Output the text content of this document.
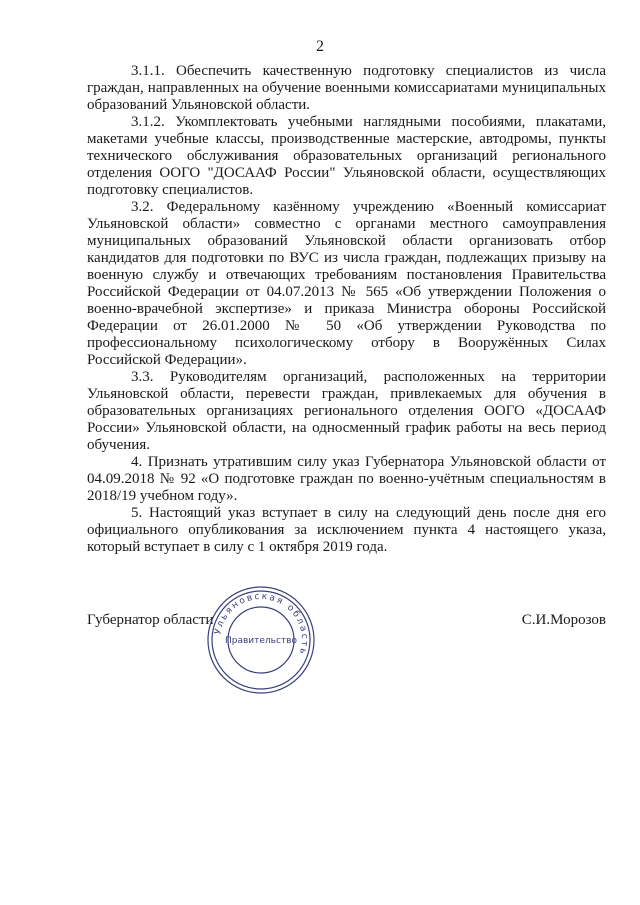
2

3.1.1. Обеспечить качественную подготовку специалистов из числа граждан, направленных на обучение военными комиссариатами муниципальных образований Ульяновской области.

3.1.2. Укомплектовать учебными наглядными пособиями, плакатами, макетами учебные классы, производственные мастерские, автодромы, пункты технического обслуживания образовательных организаций регионального отделения ООГО "ДОСААФ России" Ульяновской области, осуществляющих подготовку специалистов.

3.2. Федеральному казённому учреждению «Военный комиссариат Ульяновской области» совместно с органами местного самоуправления муниципальных образований Ульяновской области организовать отбор кандидатов для подготовки по ВУС из числа граждан, подлежащих призыву на военную службу и отвечающих требованиям постановления Правительства Российской Федерации от 04.07.2013 № 565 «Об утверждении Положения о военно-врачебной экспертизе» и приказа Министра обороны Российской Федерации от 26.01.2000 № 50 «Об утверждении Руководства по профессиональному психологическому отбору в Вооружённых Силах Российской Федерации».

3.3. Руководителям организаций, расположенных на территории Ульяновской области, перевести граждан, привлекаемых для обучения в образовательных организациях регионального отделения ООГО «ДОСААФ России» Ульяновской области, на односменный график работы на весь период обучения.

4. Признать утратившим силу указ Губернатора Ульяновской области от 04.09.2018 № 92 «О подготовке граждан по военно-учётным специальностям в 2018/19 учебном году».

5. Настоящий указ вступает в силу на следующий день после дня его официального опубликования за исключением пункта 4 настоящего указа, который вступает в силу с 1 октября 2019 года.

Губернатор области
Ульяновская область
Правительство
С.И.Морозов
